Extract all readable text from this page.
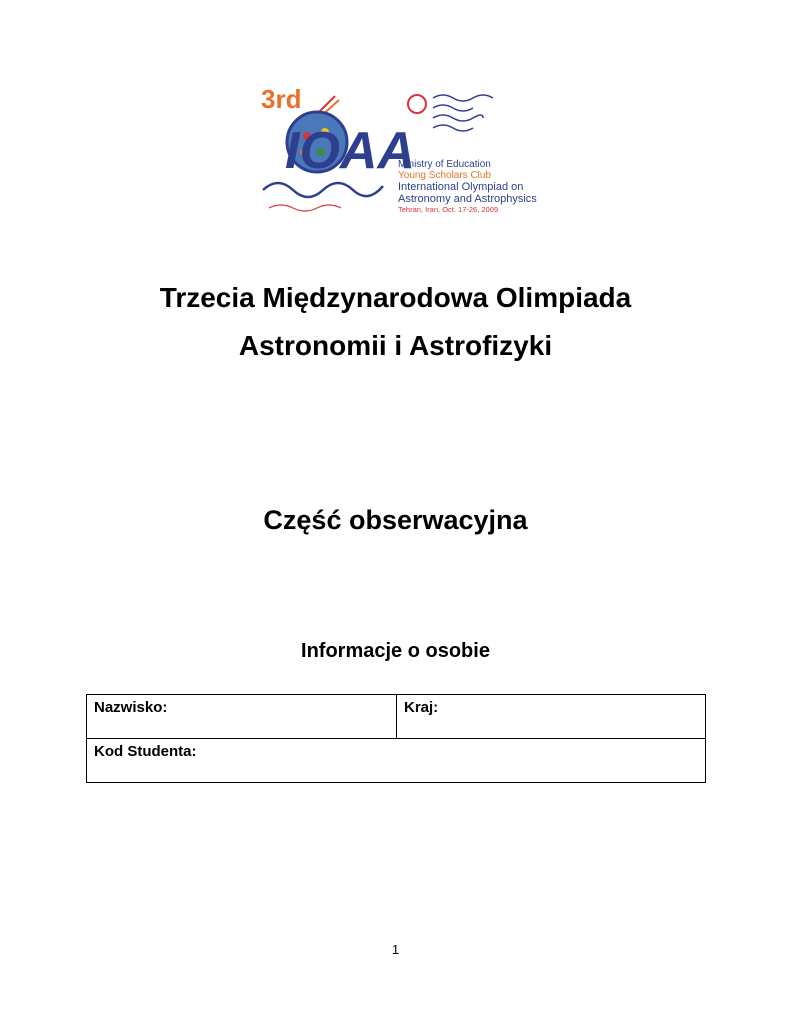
3rd
IOAA
Ministry of Education
Young Scholars Club
International Olympiad on
Astronomy and Astrophysics
Tehran, Iran, Oct. 17-26, 2009
Trzecia Międzynarodowa Olimpiada
Astronomii i Astrofizyki
Część obserwacyjna
Informacje o osobie
Nazwisko:	Kraj:
Kod Studenta:
1
